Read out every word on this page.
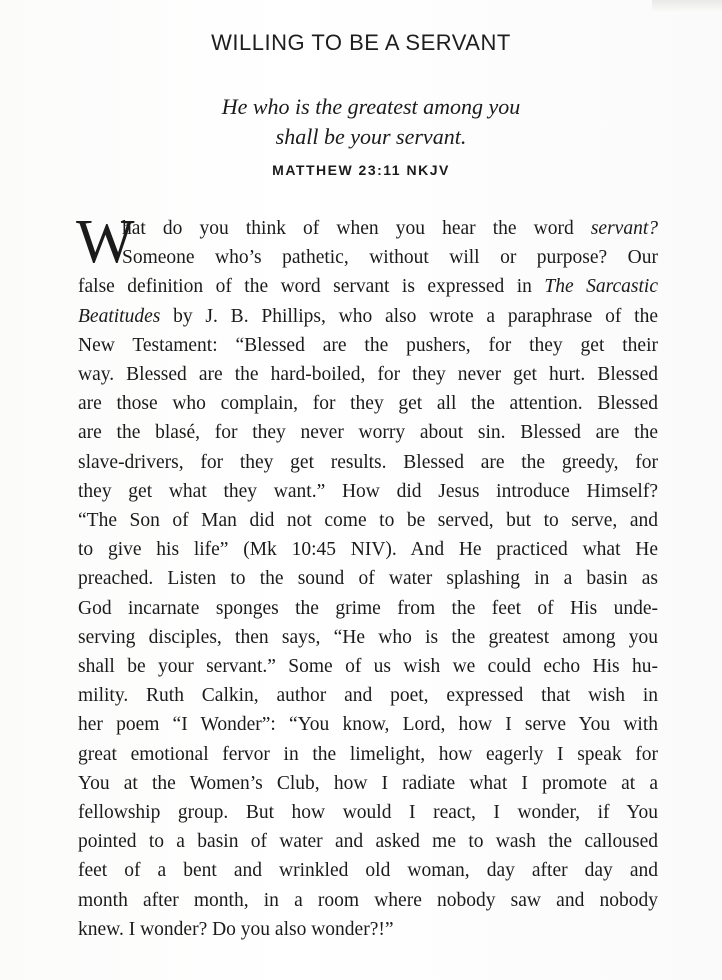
WILLING TO BE A SERVANT
He who is the greatest among you
shall be your servant.
MATTHEW 23:11 NKJV
W
hat do you think of when you hear the word servant?
Someone who’s pathetic, without will or purpose? Our
false definition of the word servant is expressed in The Sarcastic
Beatitudes by J. B. Phillips, who also wrote a paraphrase of the
New Testament: “Blessed are the pushers, for they get their
way. Blessed are the hard-boiled, for they never get hurt. Blessed
are those who complain, for they get all the attention. Blessed
are the blasé, for they never worry about sin. Blessed are the
slave-drivers, for they get results. Blessed are the greedy, for
they get what they want.” How did Jesus introduce Himself?
“The Son of Man did not come to be served, but to serve, and
to give his life” (Mk 10:45 NIV). And He practiced what He
preached. Listen to the sound of water splashing in a basin as
God incarnate sponges the grime from the feet of His unde-
serving disciples, then says, “He who is the greatest among you
shall be your servant.” Some of us wish we could echo His hu-
mility. Ruth Calkin, author and poet, expressed that wish in
her poem “I Wonder”: “You know, Lord, how I serve You with
great emotional fervor in the limelight, how eagerly I speak for
You at the Women’s Club, how I radiate what I promote at a
fellowship group. But how would I react, I wonder, if You
pointed to a basin of water and asked me to wash the calloused
feet of a bent and wrinkled old woman, day after day and
month after month, in a room where nobody saw and nobody
knew. I wonder? Do you also wonder?!”
